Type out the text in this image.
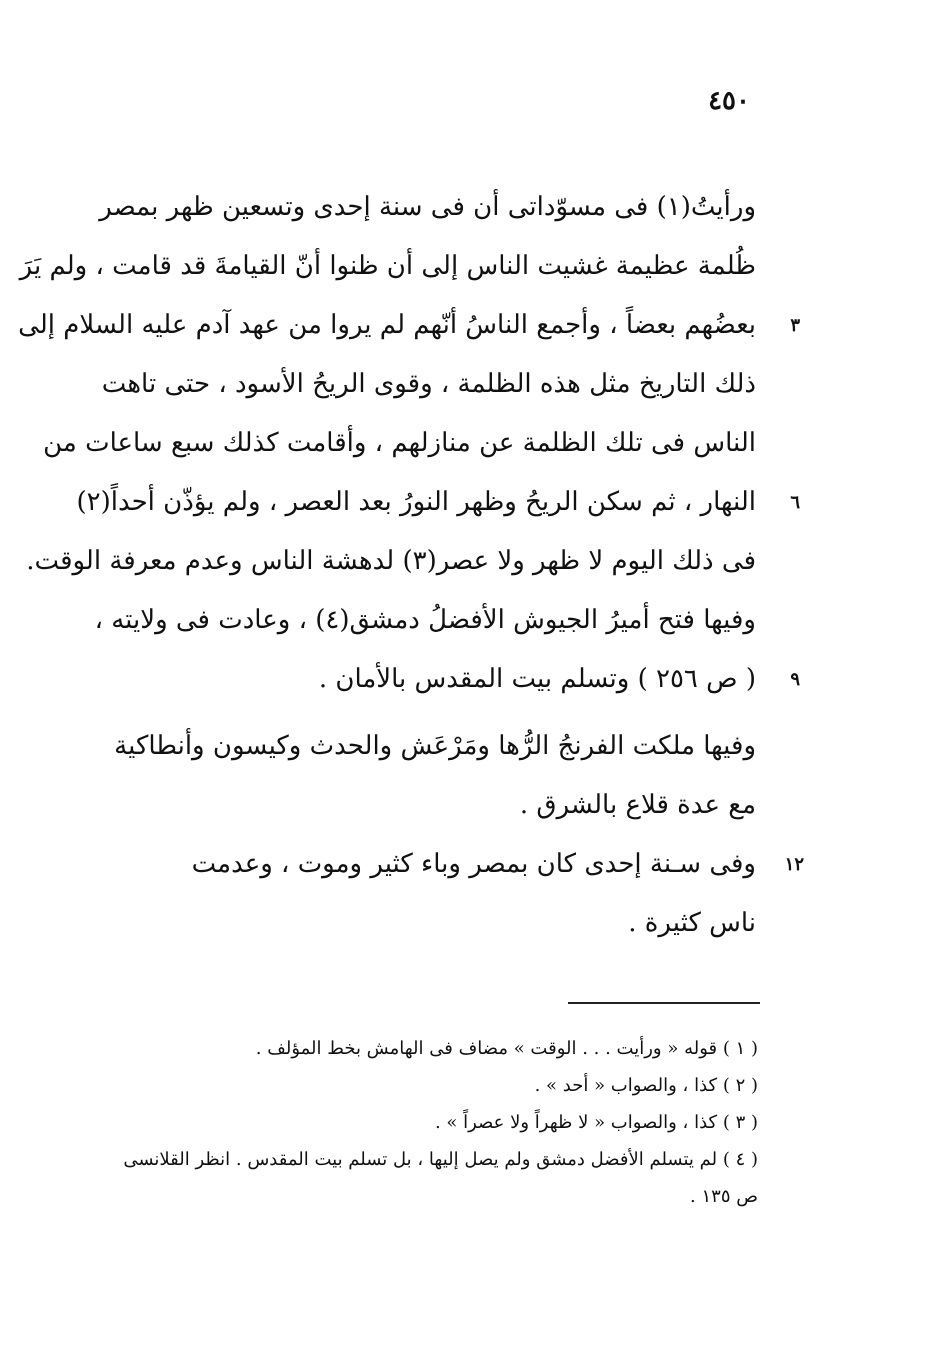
٤٥٠
ورأيتُ(١) فى مسوّداتى أن فى سنة إحدى وتسعين ظهر بمصر
ظُلمة عظيمة غشيت الناس إلى أن ظنوا أنّ القيامةَ قد قامت ، ولم يَرَ
بعضُهم بعضاً ، وأجمع الناسُ أنّهم لم يروا من عهد آدم عليه السلام إلى	٣
ذلك التاريخ مثل هذه الظلمة ، وقوى الريحُ الأسود ، حتى تاهت
الناس فى تلك الظلمة عن منازلهم ، وأقامت كذلك سبع ساعات من
النهار ، ثم سكن الريحُ وظهر النورُ بعد العصر ، ولم يؤذّن أحداً(٢)	٦
فى ذلك اليوم لا ظهر ولا عصر(٣) لدهشة الناس وعدم معرفة الوقت.
وفيها فتح أميرُ الجيوش الأفضلُ دمشق(٤) ، وعادت فى ولايته ،
( ص ٢٥٦ ) وتسلم بيت المقدس بالأمان .	٩
وفيها ملكت الفرنجُ الرُّها ومَرْعَش والحدث وكيسون وأنطاكية
مع عدة قلاع بالشرق .
وفى سـنة إحدى كان بمصر وباء كثير وموت ، وعدمت	١٢
ناس كثيرة .
( ١ ) قوله « ورأيت . . . الوقت » مضاف فى الهامش بخط المؤلف .
( ٢ ) كذا ، والصواب « أحد » .
( ٣ ) كذا ، والصواب « لا ظهراً ولا عصراً » .
( ٤ ) لم يتسلم الأفضل دمشق ولم يصل إليها ، بل تسلم بيت المقدس . انظر القلانسى
ص ١٣٥ .
